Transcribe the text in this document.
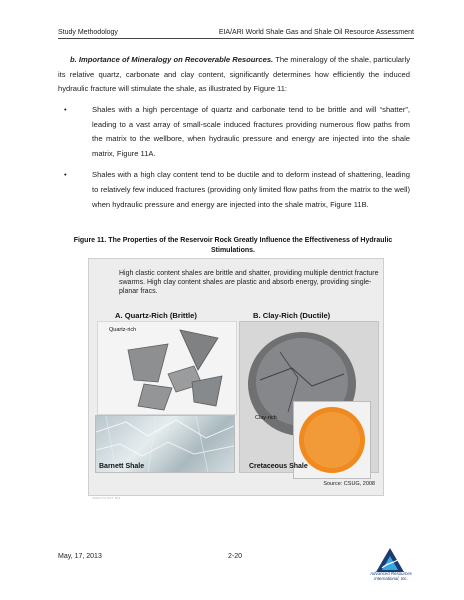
Study Methodology	EIA/ARI World Shale Gas and Shale Oil Resource Assessment
b. Importance of Mineralogy on Recoverable Resources. The mineralogy of the shale, particularly its relative quartz, carbonate and clay content, significantly determines how efficiently the induced hydraulic fracture will stimulate the shale, as illustrated by Figure 11:
•	Shales with a high percentage of quartz and carbonate tend to be brittle and will “shatter”, leading to a vast array of small-scale induced fractures providing numerous flow paths from the matrix to the wellbore, when hydraulic pressure and energy are injected into the shale matrix, Figure 11A.
•	Shales with a high clay content tend to be ductile and to deform instead of shattering, leading to relatively few induced fractures (providing only limited flow paths from the matrix to the well) when hydraulic pressure and energy are injected into the shale matrix, Figure 11B.
Figure 11. The Properties of the Reservoir Rock Greatly Influence the Effectiveness of Hydraulic Stimulations.
High clastic content shales are brittle and shatter, providing multiple dentrict fracture swarms. High clay content shales are plastic and absorb energy, providing single-planar fracs.
A. Quartz-Rich (Brittle)	B. Clay-Rich (Ductile)
Quartz-rich
Clay-rich
Barnett Shale	Cretaceous Shale
Source: CSUG, 2008
JAF0713.PPT #11
May, 17, 2013	2-20
Advanced Resources International, Inc.
